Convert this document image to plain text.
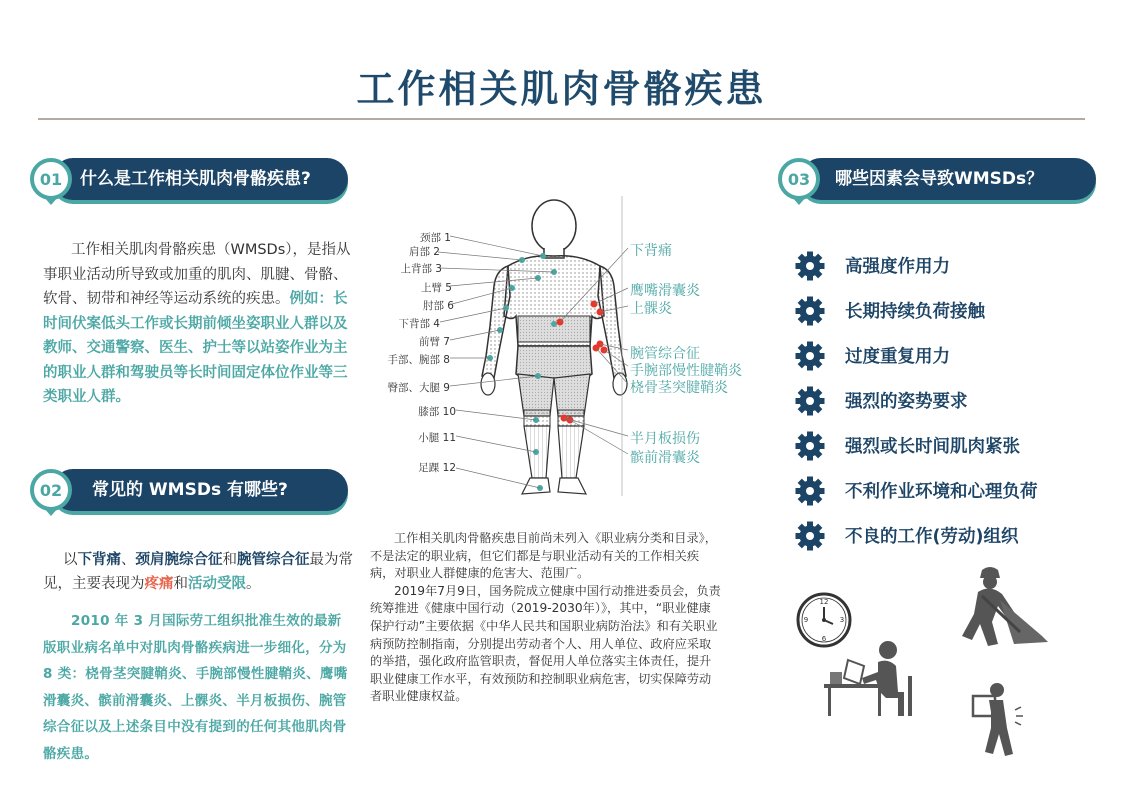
工作相关肌肉骨骼疾患
01	什么是工作相关肌肉骨骼疾患?
工作相关肌肉骨骼疾患（WMSDs），是指从事职业活动所导致或加重的肌肉、肌腱、骨骼、软骨、韧带和神经等运动系统的疾患。例如：长时间伏案低头工作或长期前倾坐姿职业人群以及教师、交通警察、医生、护士等以站姿作业为主的职业人群和驾驶员等长时间固定体位作业等三类职业人群。
02	常见的 WMSDs 有哪些?
以下背痛、颈肩腕综合征和腕管综合征最为常见，主要表现为疼痛和活动受限。
2010 年 3 月国际劳工组织批准生效的最新版职业病名单中对肌肉骨骼疾病进一步细化，分为 8 类：桡骨茎突腱鞘炎、手腕部慢性腱鞘炎、鹰嘴滑囊炎、髌前滑囊炎、上髁炎、半月板损伤、腕管综合征以及上述条目中没有提到的任何其他肌肉骨骼疾患。
颈部 1
肩部 2
上背部 3
上臂 5
肘部 6
下背部 4
前臂 7
手部、腕部 8
臀部、大腿 9
膝部 10
小腿 11
足踝 12
下背痛
鹰嘴滑囊炎
上髁炎
腕管综合征
手腕部慢性腱鞘炎
桡骨茎突腱鞘炎
半月板损伤
髌前滑囊炎

工作相关肌肉骨骼疾患目前尚未列入《职业病分类和目录》，不是法定的职业病，但它们都是与职业活动有关的工作相关疾病，对职业人群健康的危害大、范围广。

2019年7月9日，国务院成立健康中国行动推进委员会，负责统筹推进《健康中国行动（2019-2030年）》，其中，“职业健康保护行动”主要依据《中华人民共和国职业病防治法》和有关职业病预防控制指南，分别提出劳动者个人、用人单位、政府应采取的举措，强化政府监管职责，督促用人单位落实主体责任，提升职业健康工作水平，有效预防和控制职业病危害，切实保障劳动者职业健康权益。

03	哪些因素会导致WMSDs？
高强度作用力
长期持续负荷接触
过度重复用力
强烈的姿势要求
强烈或长时间肌肉紧张
不利作业环境和心理负荷
不良的工作(劳动)组织
12
3
6
9
